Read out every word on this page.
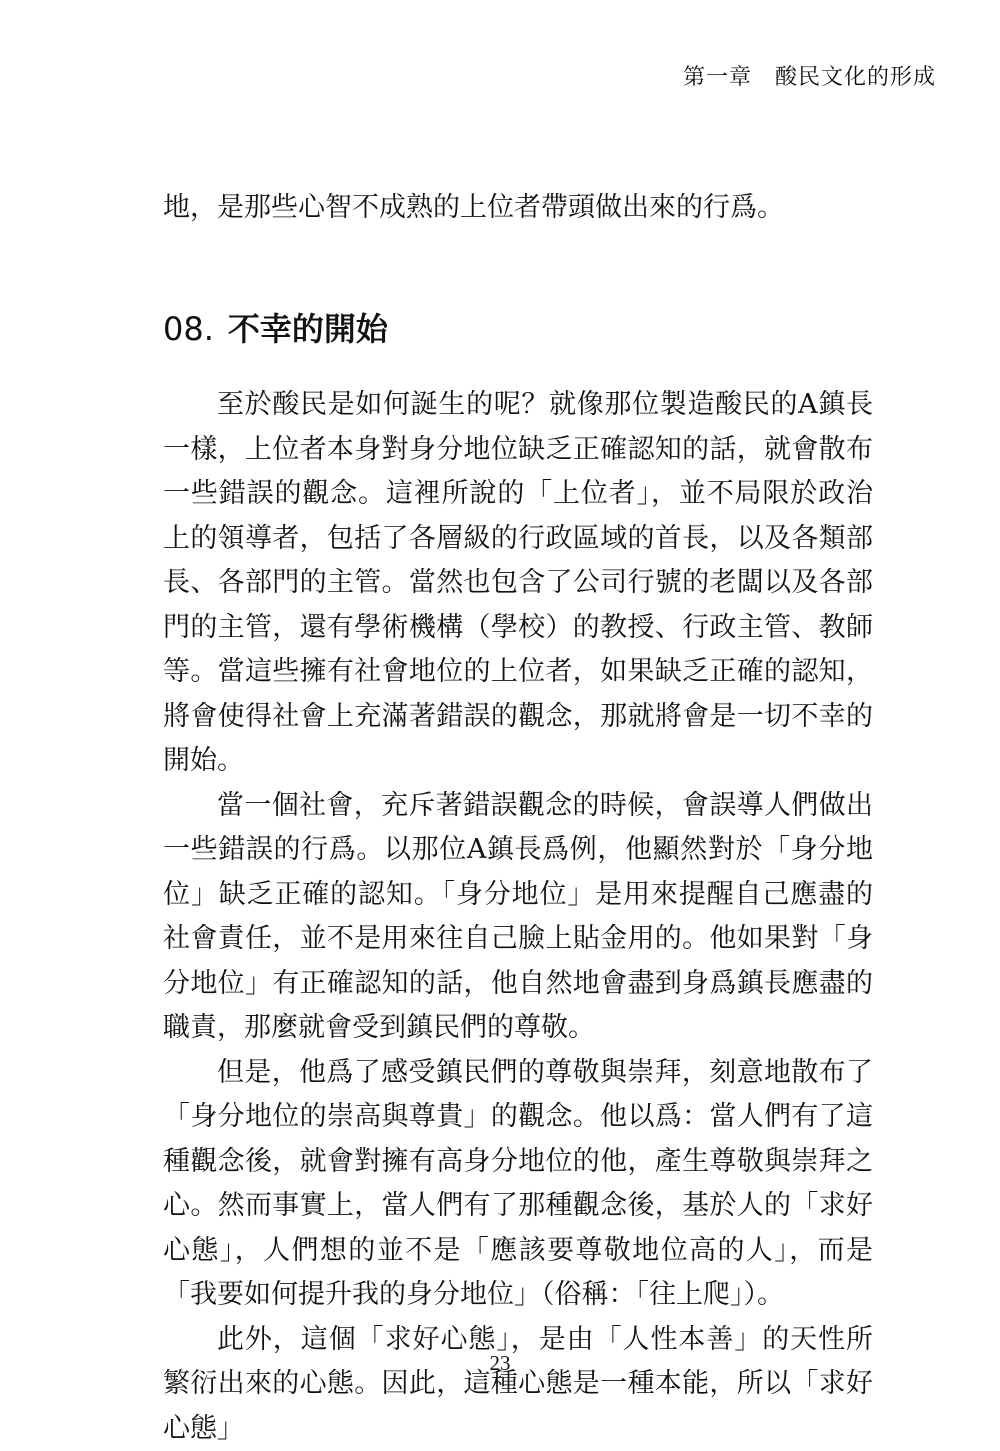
第一章　酸民文化的形成
地，是那些心智不成熟的上位者帶頭做出來的行爲。
08. 不幸的開始

至於酸民是如何誕生的呢？就像那位製造酸民的A鎮長一樣，上位者本身對身分地位缺乏正確認知的話，就會散布一些錯誤的觀念。這裡所說的「上位者」，並不局限於政治上的領導者，包括了各層級的行政區域的首長，以及各類部長、各部門的主管。當然也包含了公司行號的老闆以及各部門的主管，還有學術機構（學校）的教授、行政主管、教師等。當這些擁有社會地位的上位者，如果缺乏正確的認知，將會使得社會上充滿著錯誤的觀念，那就將會是一切不幸的開始。

當一個社會，充斥著錯誤觀念的時候，會誤導人們做出一些錯誤的行爲。以那位A鎮長爲例，他顯然對於「身分地位」缺乏正確的認知。「身分地位」是用來提醒自己應盡的社會責任，並不是用來往自己臉上貼金用的。他如果對「身分地位」有正確認知的話，他自然地會盡到身爲鎮長應盡的職責，那麼就會受到鎮民們的尊敬。

但是，他爲了感受鎮民們的尊敬與崇拜，刻意地散布了「身分地位的崇高與尊貴」的觀念。他以爲：當人們有了這種觀念後，就會對擁有高身分地位的他，產生尊敬與崇拜之心。然而事實上，當人們有了那種觀念後，基於人的「求好心態」，人們想的並不是「應該要尊敬地位高的人」，而是「我要如何提升我的身分地位」（俗稱：「往上爬」）。

此外，這個「求好心態」，是由「人性本善」的天性所繁衍出來的心態。因此，這種心態是一種本能，所以「求好心態」

23
